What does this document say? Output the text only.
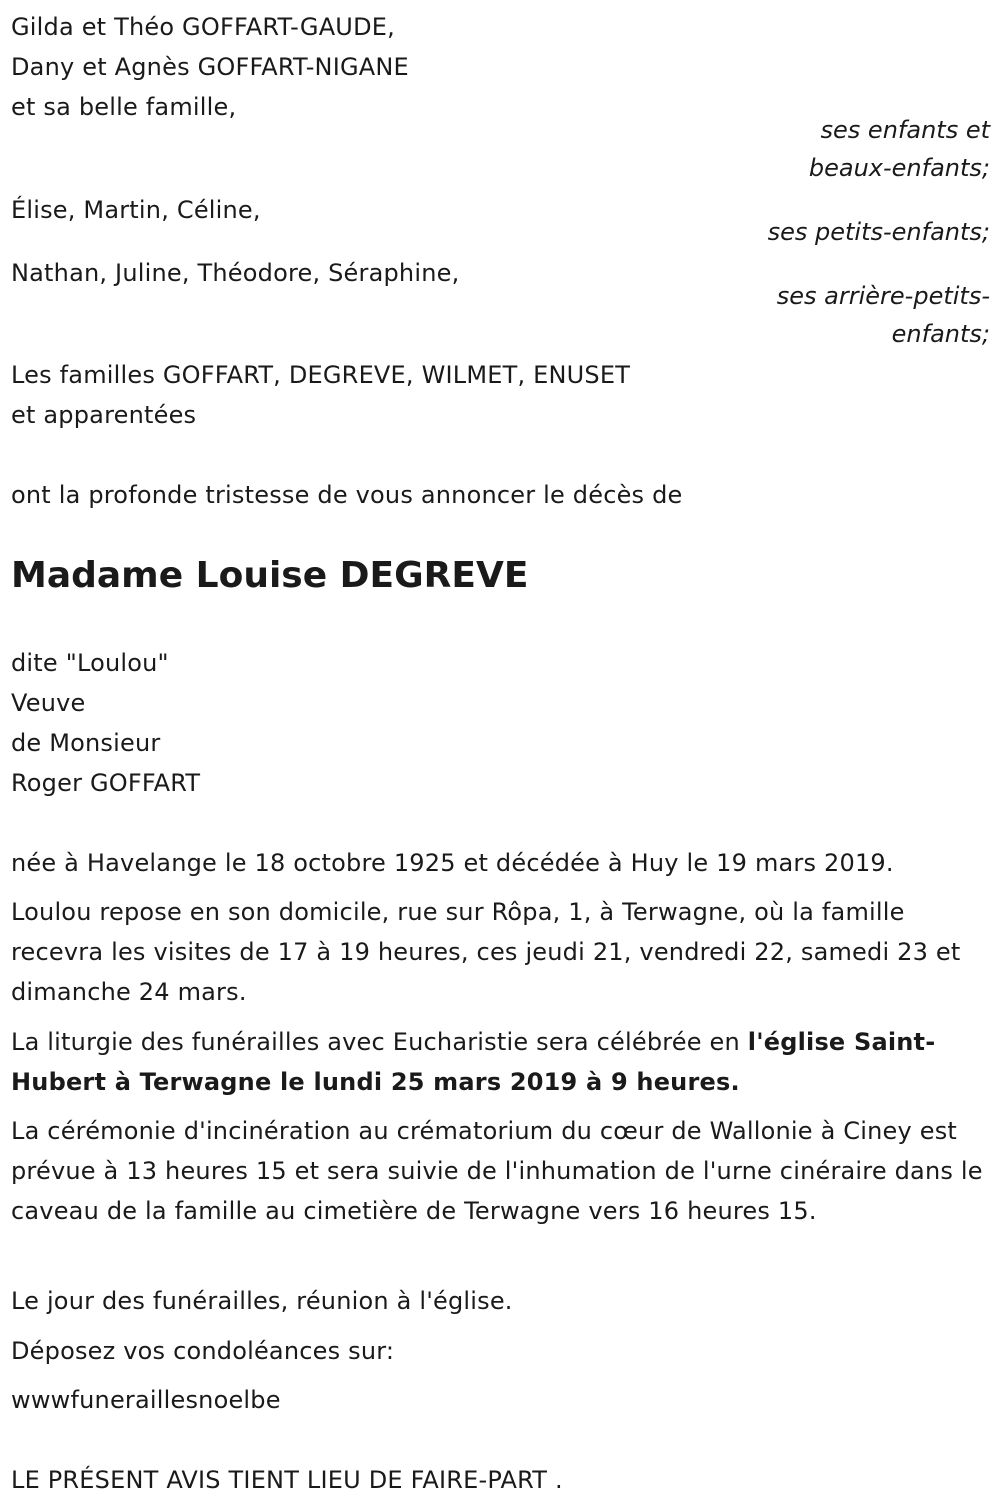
Gilda et Théo GOFFART-GAUDE,
Dany et Agnès GOFFART-NIGANE
et sa belle famille,
ses enfants et
beaux-enfants;
Élise, Martin, Céline,
ses petits-enfants;
Nathan, Juline, Théodore, Séraphine,
ses arrière-petits-
enfants;
Les familles GOFFART, DEGREVE, WILMET, ENUSET
et apparentées
ont la profonde tristesse de vous annoncer le décès de
Madame Louise DEGREVE
dite "Loulou"
Veuve
de Monsieur
Roger GOFFART
née à Havelange le 18 octobre 1925 et décédée à Huy le 19 mars 2019.
Loulou repose en son domicile, rue sur Rôpa, 1, à Terwagne, où la famille recevra les visites de 17 à 19 heures, ces jeudi 21, vendredi 22, samedi 23 et dimanche 24 mars.
La liturgie des funérailles avec Eucharistie sera célébrée en l'église Saint-Hubert à Terwagne le lundi 25 mars 2019 à 9 heures.
La cérémonie d'incinération au crématorium du cœur de Wallonie à Ciney est prévue à 13 heures 15 et sera suivie de l'inhumation de l'urne cinéraire dans le caveau de la famille au cimetière de Terwagne vers 16 heures 15.
Le jour des funérailles, réunion à l'église.
Déposez vos condoléances sur:
wwwfuneraillesnoelbe
LE PRÉSENT AVIS TIENT LIEU DE FAIRE-PART .
